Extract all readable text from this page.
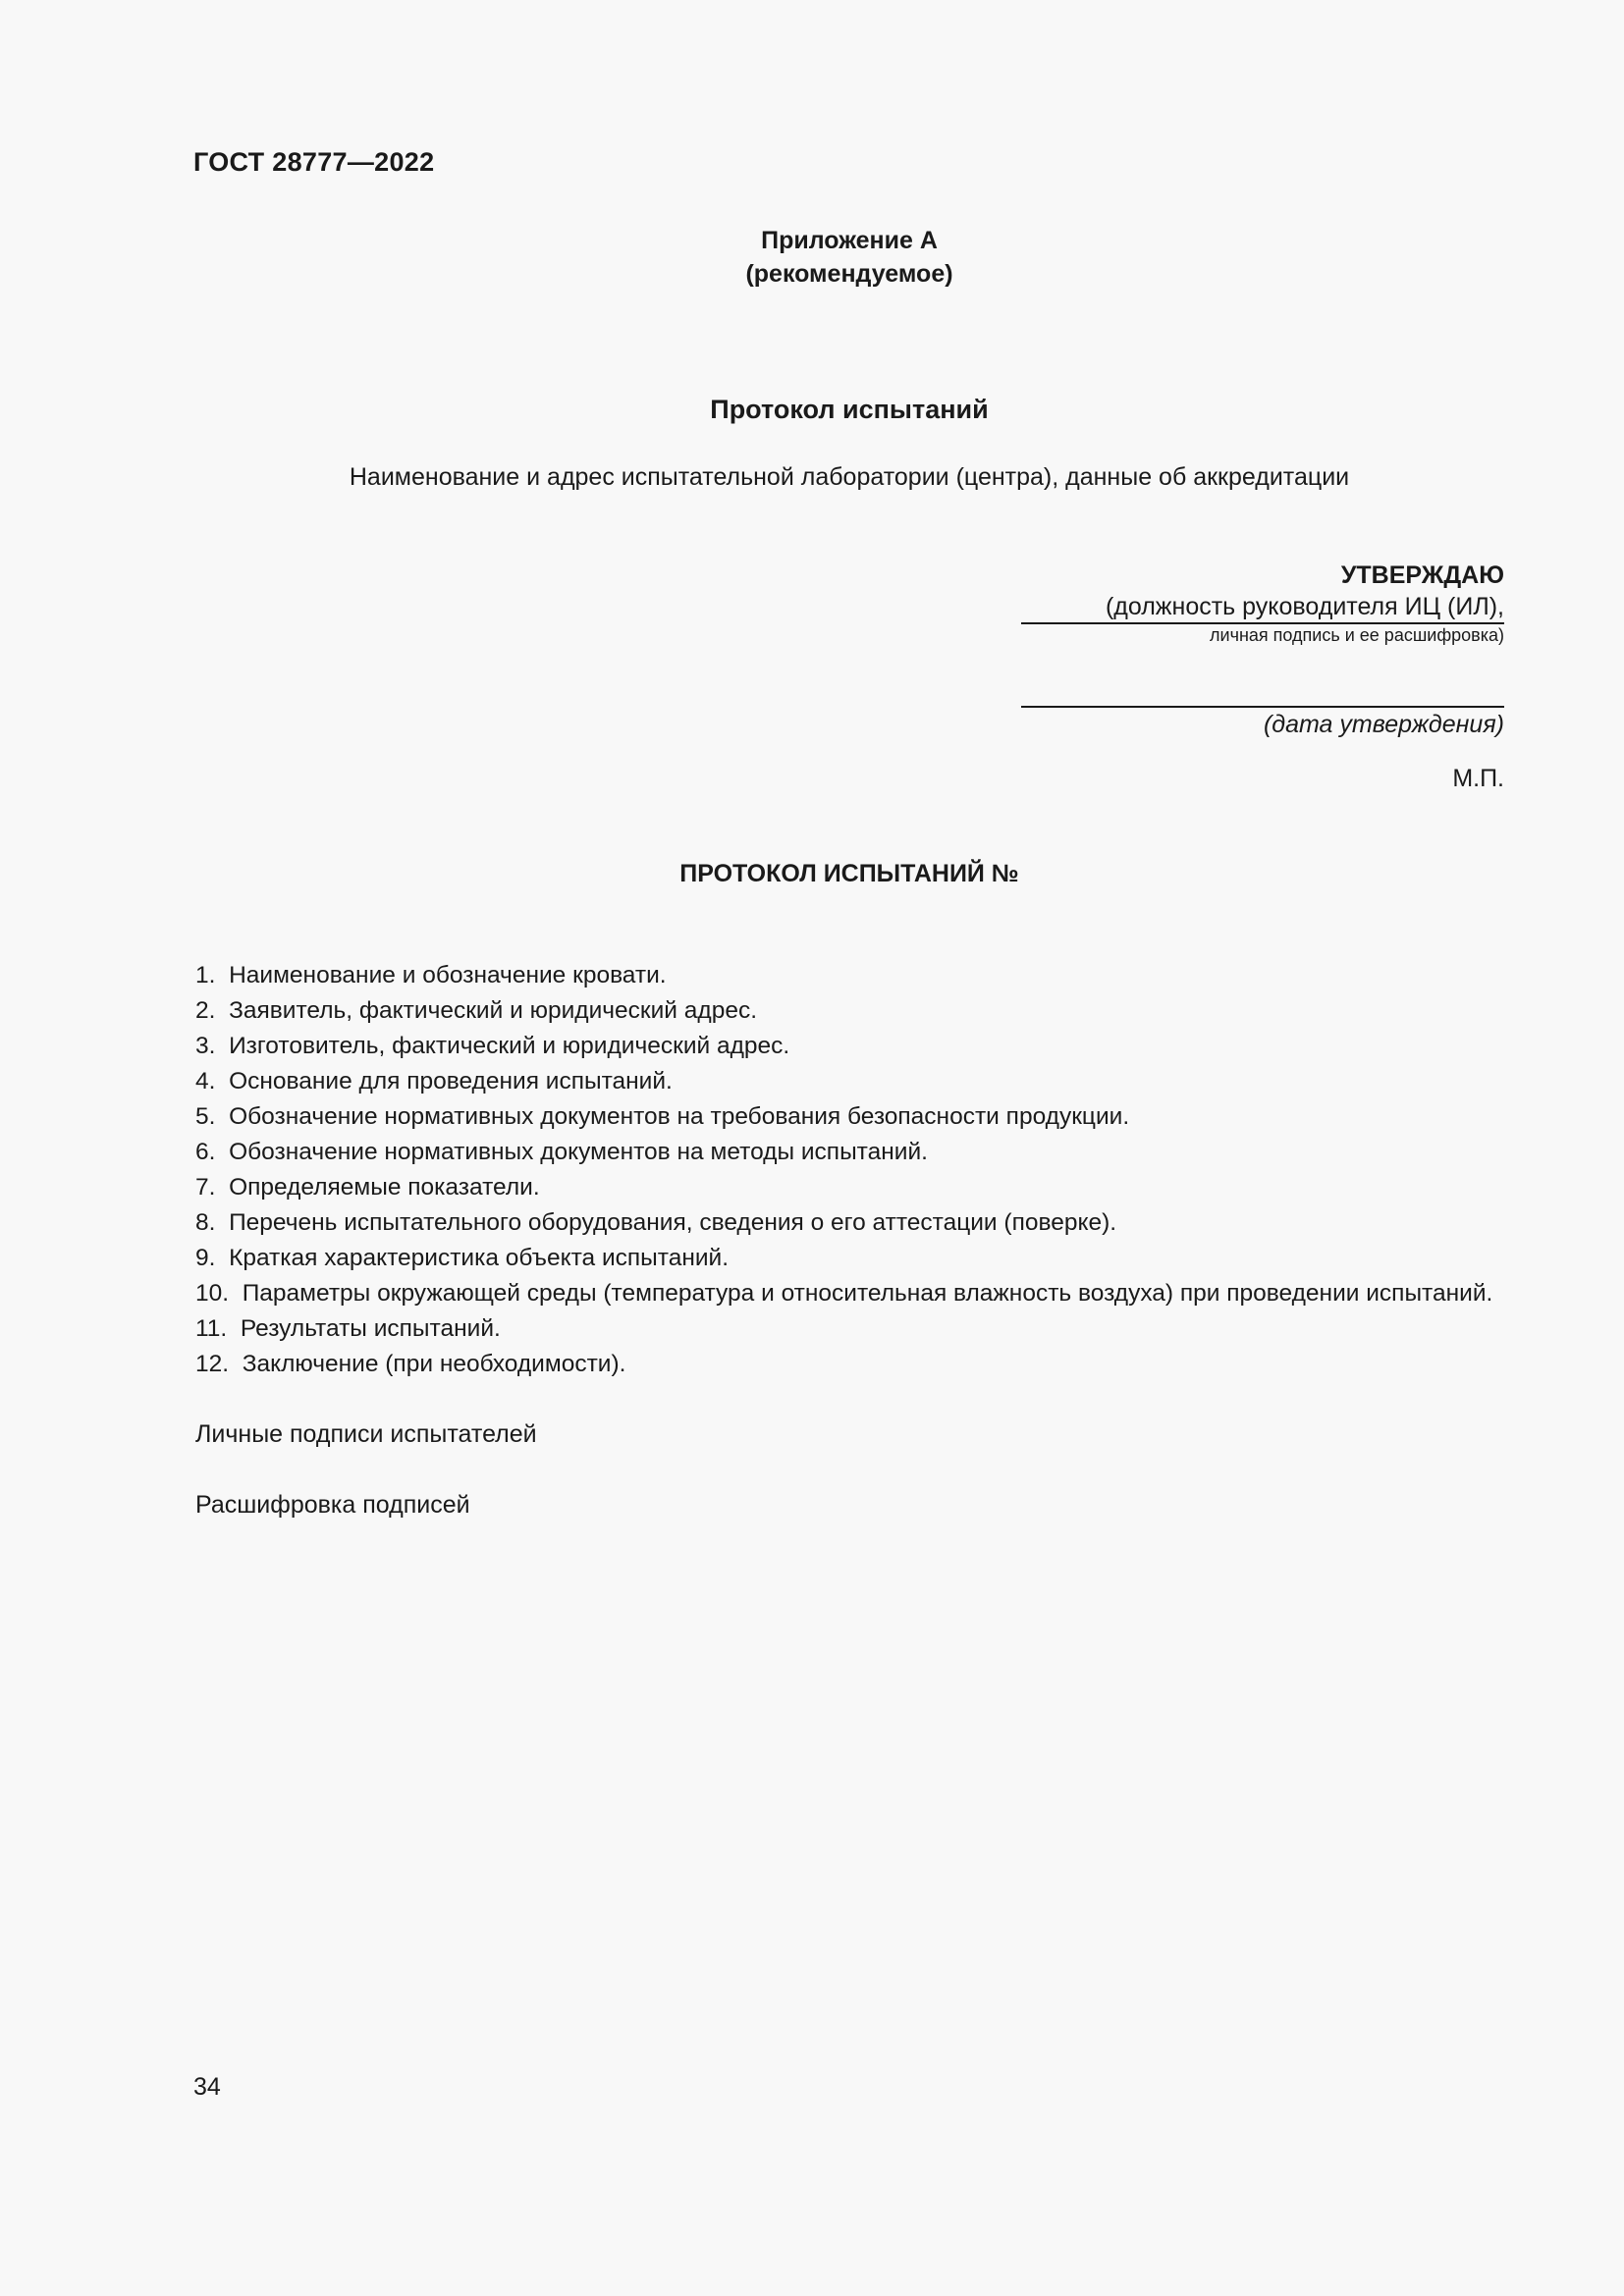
ГОСТ 28777—2022
Приложение А
(рекомендуемое)
Протокол испытаний
Наименование и адрес испытательной лаборатории (центра), данные об аккредитации
УТВЕРЖДАЮ
(должность руководителя ИЦ (ИЛ),
личная подпись и ее расшифровка)
(дата утверждения)
М.П.
ПРОТОКОЛ ИСПЫТАНИЙ №
1. Наименование и обозначение кровати.
2. Заявитель, фактический и юридический адрес.
3. Изготовитель, фактический и юридический адрес.
4. Основание для проведения испытаний.
5. Обозначение нормативных документов на требования безопасности продукции.
6. Обозначение нормативных документов на методы испытаний.
7. Определяемые показатели.
8. Перечень испытательного оборудования, сведения о его аттестации (поверке).
9. Краткая характеристика объекта испытаний.
10. Параметры окружающей среды (температура и относительная влажность воздуха) при проведении испытаний.
11. Результаты испытаний.
12. Заключение (при необходимости).
Личные подписи испытателей
Расшифровка подписей
34
